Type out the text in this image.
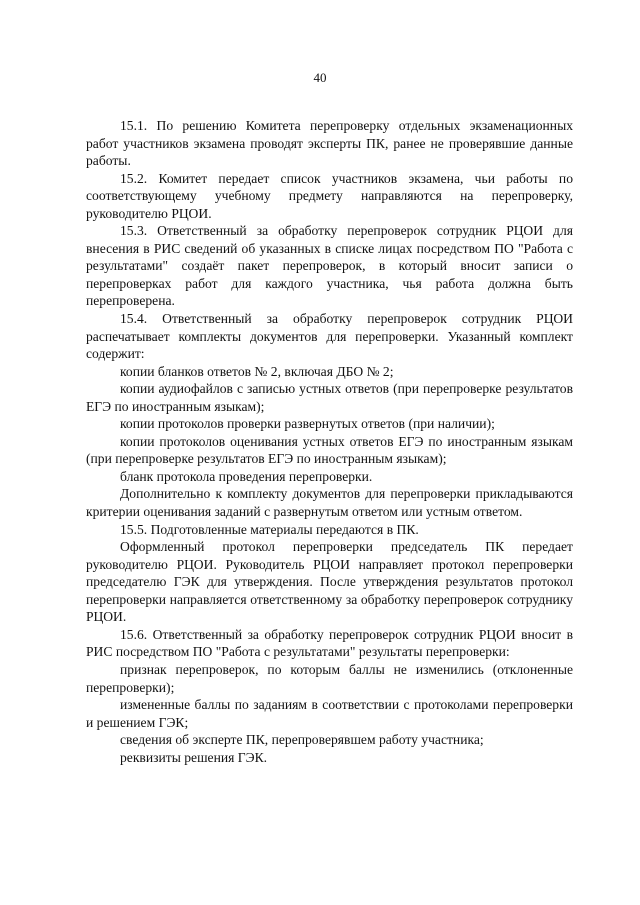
40

15.1. По решению Комитета перепроверку отдельных экзаменационных работ участников экзамена проводят эксперты ПК, ранее не проверявшие данные работы.

15.2. Комитет передает список участников экзамена, чьи работы по соответствующему учебному предмету направляются на перепроверку, руководителю РЦОИ.

15.3. Ответственный за обработку перепроверок сотрудник РЦОИ для внесения в РИС сведений об указанных в списке лицах посредством ПО "Работа с результатами" создаёт пакет перепроверок, в который вносит записи о перепроверках работ для каждого участника, чья работа должна быть перепроверена.

15.4. Ответственный за обработку перепроверок сотрудник РЦОИ распечатывает комплекты документов для перепроверки. Указанный комплект содержит:

копии бланков ответов № 2, включая ДБО № 2;

копии аудиофайлов с записью устных ответов (при перепроверке результатов ЕГЭ по иностранным языкам);

копии протоколов проверки развернутых ответов (при наличии);

копии протоколов оценивания устных ответов ЕГЭ по иностранным языкам (при перепроверке результатов ЕГЭ по иностранным языкам);

бланк протокола проведения перепроверки.

Дополнительно к комплекту документов для перепроверки прикладываются критерии оценивания заданий с развернутым ответом или устным ответом.

15.5. Подготовленные материалы передаются в ПК.

Оформленный протокол перепроверки председатель ПК передает руководителю РЦОИ. Руководитель РЦОИ направляет протокол перепроверки председателю ГЭК для утверждения. После утверждения результатов протокол перепроверки направляется ответственному за обработку перепроверок сотруднику РЦОИ.

15.6. Ответственный за обработку перепроверок сотрудник РЦОИ вносит в РИС посредством ПО "Работа с результатами" результаты перепроверки:

признак перепроверок, по которым баллы не изменились (отклоненные перепроверки);

измененные баллы по заданиям в соответствии с протоколами перепроверки и решением ГЭК;

сведения об эксперте ПК, перепроверявшем работу участника;

реквизиты решения ГЭК.
